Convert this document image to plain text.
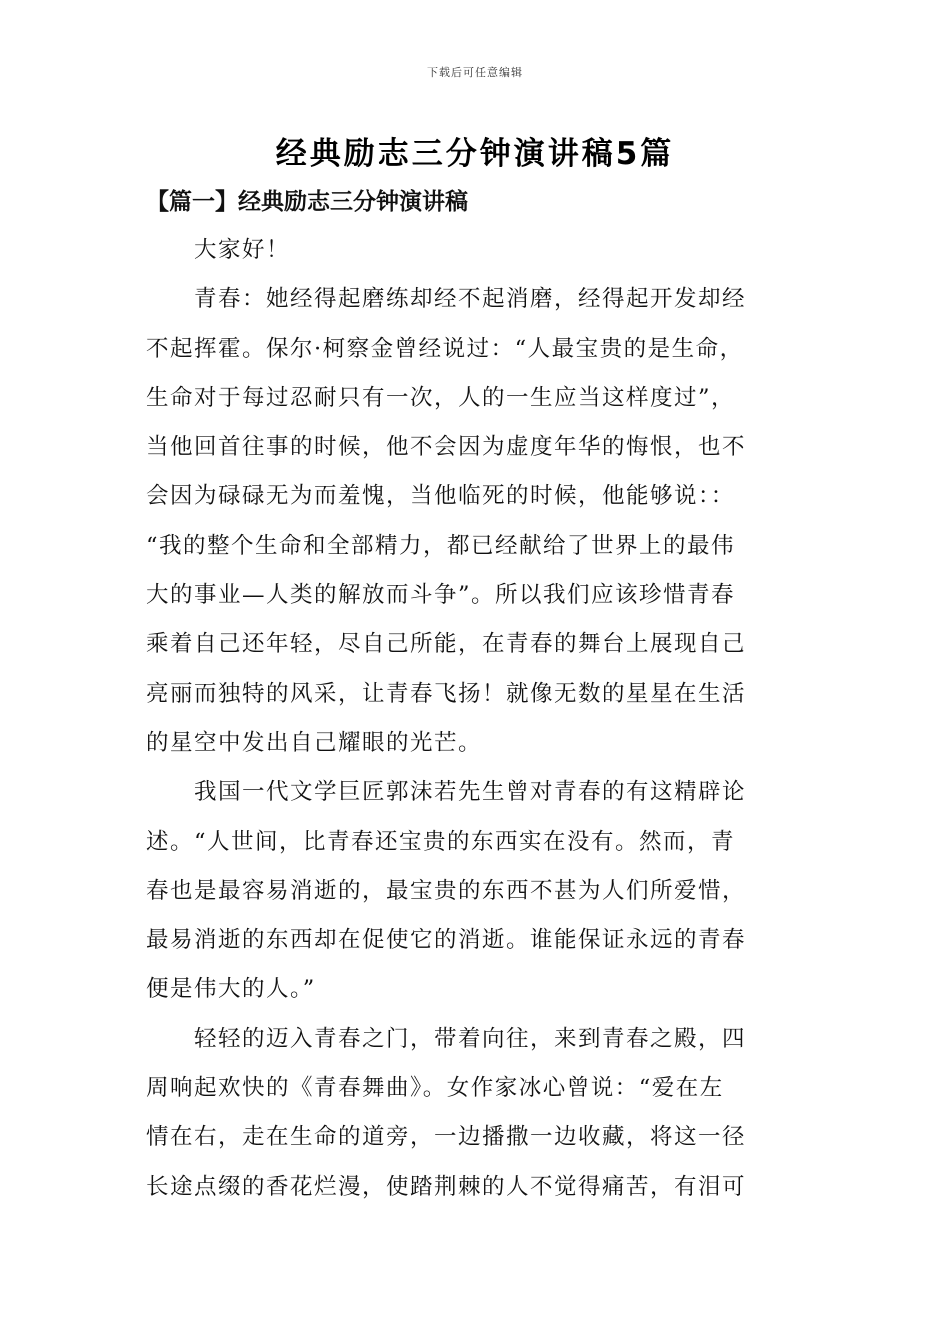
下载后可任意编辑
经典励志三分钟演讲稿5篇
【篇一】经典励志三分钟演讲稿
大家好！
青春：她经得起磨练却经不起消磨，经得起开发却经
不起挥霍。保尔·柯察金曾经说过：“人最宝贵的是生命，
生命对于每过忍耐只有一次，人的一生应当这样度过”，
当他回首往事的时候，他不会因为虚度年华的悔恨，也不
会因为碌碌无为而羞愧，当他临死的时候，他能够说：：
“我的整个生命和全部精力，都已经献给了世界上的最伟
大的事业—人类的解放而斗争”。所以我们应该珍惜青春
乘着自己还年轻，尽自己所能，在青春的舞台上展现自己
亮丽而独特的风采，让青春飞扬！就像无数的星星在生活
的星空中发出自己耀眼的光芒。
我国一代文学巨匠郭沫若先生曾对青春的有这精辟论
述。“人世间，比青春还宝贵的东西实在没有。然而，青
春也是最容易消逝的，最宝贵的东西不甚为人们所爱惜，
最易消逝的东西却在促使它的消逝。谁能保证永远的青春
便是伟大的人。”
轻轻的迈入青春之门，带着向往，来到青春之殿，四
周响起欢快的《青春舞曲》。女作家冰心曾说：“爱在左
情在右，走在生命的道旁，一边播撒一边收藏，将这一径
长途点缀的香花烂漫，使踏荆棘的人不觉得痛苦，有泪可
